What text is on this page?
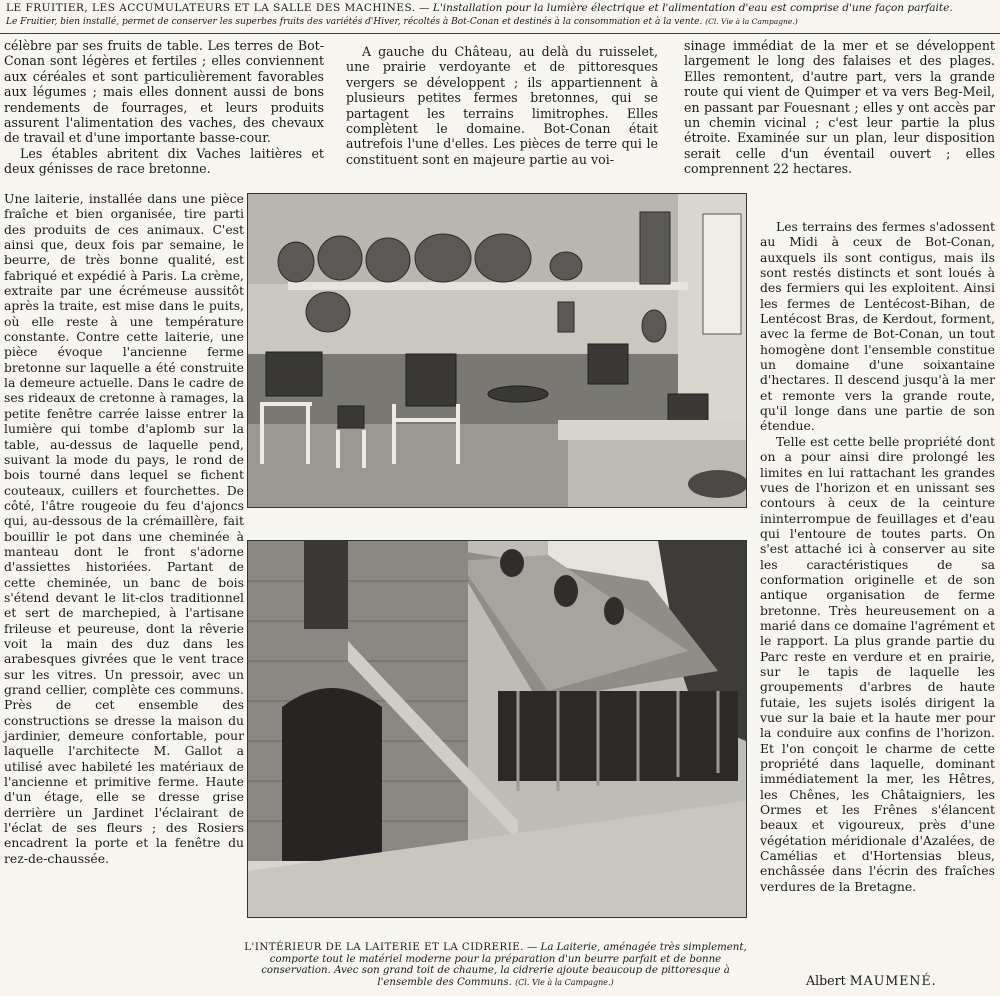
LE FRUITIER, LES ACCUMULATEURS ET LA SALLE DES MACHINES. — L'installation pour la lumière électrique et l'alimentation d'eau est comprise d'une façon parfaite.
Le Fruitier, bien installé, permet de conserver les superbes fruits des variétés d'Hiver, récoltés à Bot-Conan et destinés à la consommation et à la vente. (Cl. Vie à la Campagne.)

célèbre par ses fruits de table. Les terres de Bot-Conan sont légères et fertiles ; elles conviennent aux céréales et sont particulièrement favorables aux légumes ; mais elles donnent aussi de bons rendements de fourrages, et leurs produits assurent l'alimentation des vaches, des chevaux de travail et d'une importante basse-cour.

Les étables abritent dix Vaches laitières et deux génisses de race bretonne.

Une laiterie, installée dans une pièce fraîche et bien organisée, tire parti des produits de ces animaux. C'est ainsi que, deux fois par semaine, le beurre, de très bonne qualité, est fabriqué et expédié à Paris. La crème, extraite par une écrémeuse aussitôt après la traite, est mise dans le puits, où elle reste à une température constante. Contre cette laiterie, une pièce évoque l'ancienne ferme bretonne sur laquelle a été construite la demeure actuelle. Dans le cadre de ses rideaux de cretonne à ramages, la petite fenêtre carrée laisse entrer la lumière qui tombe d'aplomb sur la table, au-dessus de laquelle pend, suivant la mode du pays, le rond de bois tourné dans lequel se fichent couteaux, cuillers et fourchettes. De côté, l'âtre rougeoie du feu d'ajoncs qui, au-dessous de la crémaillère, fait bouillir le pot dans une cheminée à manteau dont le front s'adorne d'assiettes historiées. Partant de cette cheminée, un banc de bois s'étend devant le lit-clos traditionnel et sert de marchepied, à l'artisane frileuse et peureuse, dont la rêverie voit la main des duz dans les arabesques givrées que le vent trace sur les vitres. Un pressoir, avec un grand cellier, complète ces communs. Près de cet ensemble des constructions se dresse la maison du jardinier, demeure confortable, pour laquelle l'architecte M. Gallot a utilisé avec habileté les matériaux de l'ancienne et primitive ferme. Haute d'un étage, elle se dresse grise derrière un Jardinet l'éclairant de l'éclat de ses fleurs ; des Rosiers encadrent la porte et la fenêtre du rez-de-chaussée.

A gauche du Château, au delà du ruisselet, une prairie verdoyante et de pittoresques vergers se développent ; ils appartiennent à plusieurs petites fermes bretonnes, qui se partagent les terrains limitrophes. Elles complètent le domaine. Bot-Conan était autrefois l'une d'elles. Les pièces de terre qui le constituent sont en majeure partie au voi-

sinage immédiat de la mer et se développent largement le long des falaises et des plages. Elles remontent, d'autre part, vers la grande route qui vient de Quimper et va vers Beg-Meil, en passant par Fouesnant ; elles y ont accès par un chemin vicinal ; c'est leur partie la plus étroite. Examinée sur un plan, leur disposition serait celle d'un éventail ouvert ; elles comprennent 22 hectares.

Les terrains des fermes s'adossent au Midi à ceux de Bot-Conan, auxquels ils sont contigus, mais ils sont restés distincts et sont loués à des fermiers qui les exploitent. Ainsi les fermes de Lentécost-Bihan, de Lentécost Bras, de Kerdout, forment, avec la ferme de Bot-Conan, un tout homogène dont l'ensemble constitue un domaine d'une soixantaine d'hectares. Il descend jusqu'à la mer et remonte vers la grande route, qu'il longe dans une partie de son étendue.

Telle est cette belle propriété dont on a pour ainsi dire prolongé les limites en lui rattachant les grandes vues de l'horizon et en unissant ses contours à ceux de la ceinture ininterrompue de feuillages et d'eau qui l'entoure de toutes parts. On s'est attaché ici à conserver au site les caractéristiques de sa conformation originelle et de son antique organisation de ferme bretonne. Très heureusement on a marié dans ce domaine l'agrément et le rapport. La plus grande partie du Parc reste en verdure et en prairie, sur le tapis de laquelle les groupements d'arbres de haute futaie, les sujets isolés dirigent la vue sur la baie et la haute mer pour la conduire aux confins de l'horizon. Et l'on conçoit le charme de cette propriété dans laquelle, dominant immédiatement la mer, les Hêtres, les Chênes, les Châtaigniers, les Ormes et les Frênes s'élancent beaux et vigoureux, près d'une végétation méridionale d'Azalées, de Camélias et d'Hortensias bleus, enchâssée dans l'écrin des fraîches verdures de la Bretagne.

Albert MAUMENÉ.
L'INTÉRIEUR DE LA LAITERIE ET LA CIDRERIE. — La Laiterie, aménagée très simplement, comporte tout le matériel moderne pour la préparation d'un beurre parfait et de bonne conservation. Avec son grand toit de chaume, la cidrerie ajoute beaucoup de pittoresque à l'ensemble des Communs. (Cl. Vie à la Campagne.)
